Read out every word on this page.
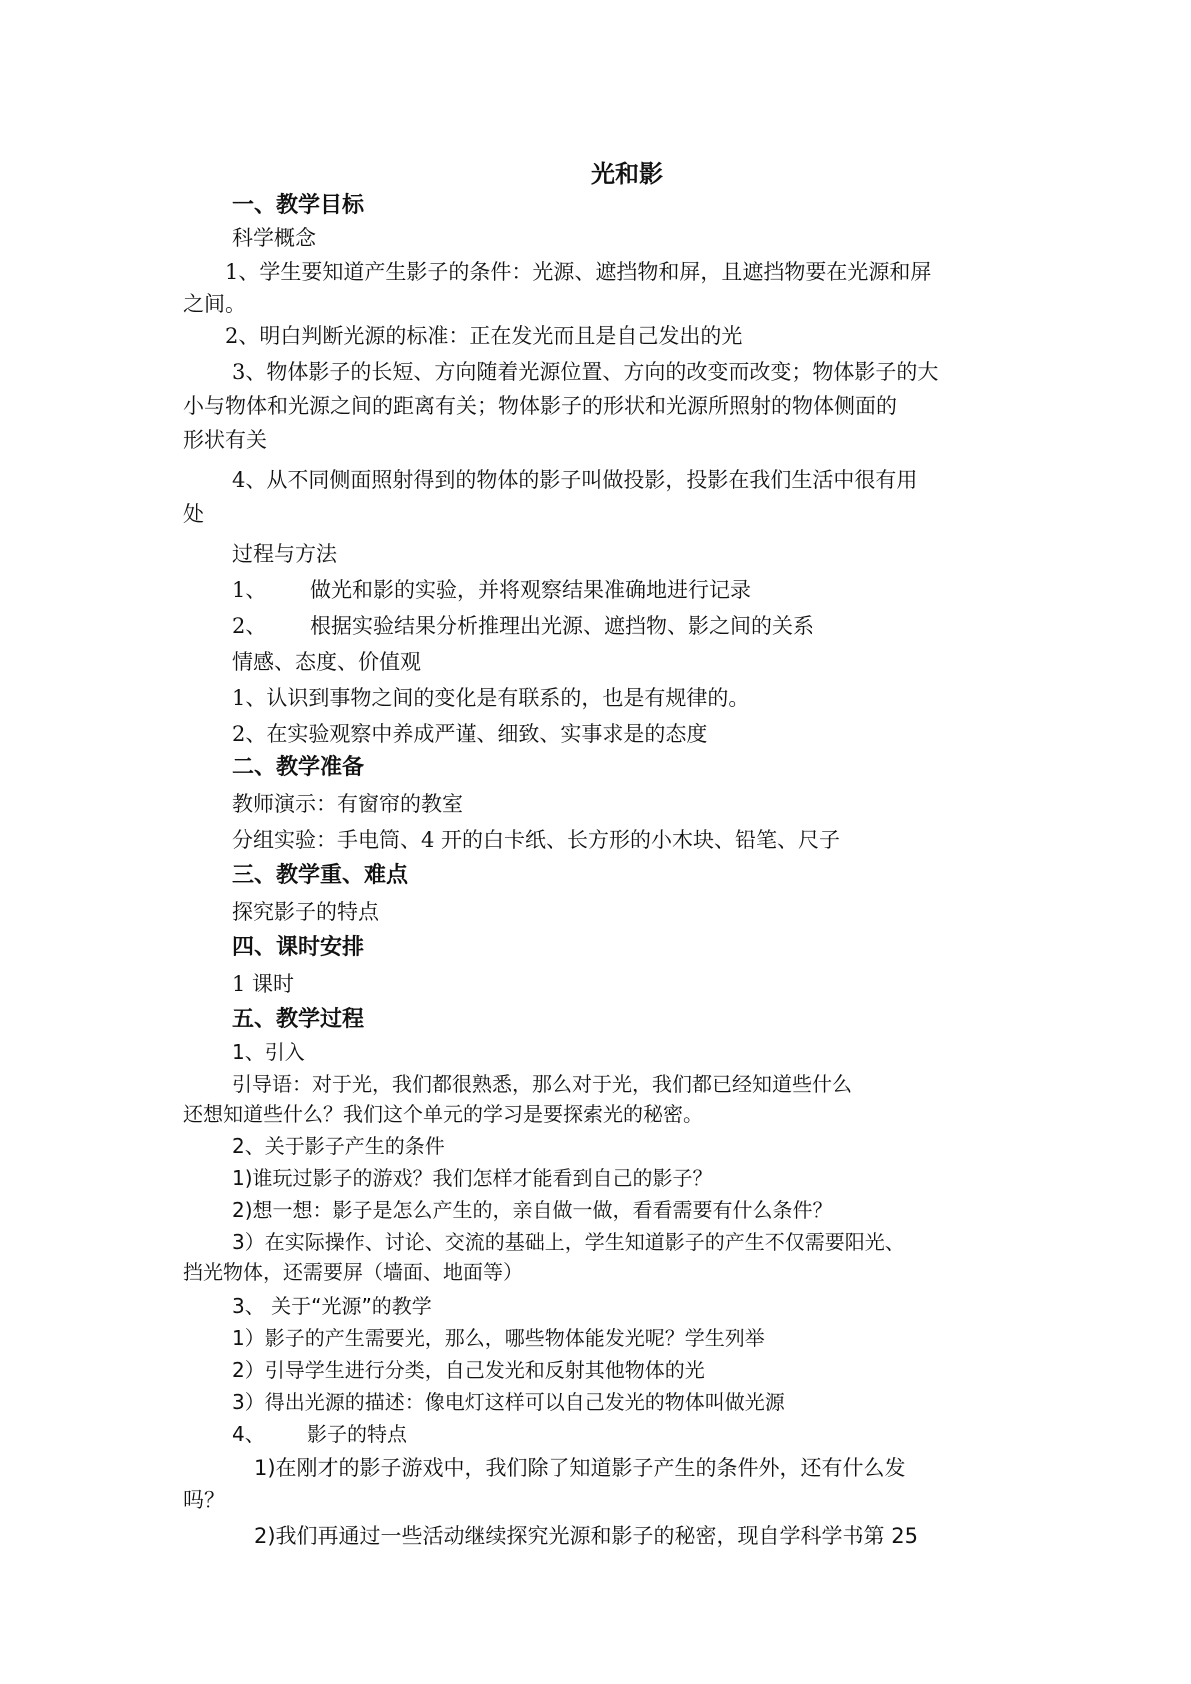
光和影
一、教学目标
科学概念
1、学生要知道产生影子的条件：光源、遮挡物和屏，且遮挡物要在光源和屏
之间。
2、明白判断光源的标准：正在发光而且是自己发出的光
3、物体影子的长短、方向随着光源位置、方向的改变而改变；物体影子的大
小与物体和光源之间的距离有关；物体影子的形状和光源所照射的物体侧面的
形状有关
4、从不同侧面照射得到的物体的影子叫做投影，投影在我们生活中很有用
处
过程与方法
1、 做光和影的实验，并将观察结果准确地进行记录
2、 根据实验结果分析推理出光源、遮挡物、影之间的关系
情感、态度、价值观
1、认识到事物之间的变化是有联系的，也是有规律的。
2、在实验观察中养成严谨、细致、实事求是的态度
二、教学准备
教师演示：有窗帘的教室
分组实验：手电筒、4 开的白卡纸、长方形的小木块、铅笔、尺子
三、教学重、难点
探究影子的特点
四、课时安排
1 课时
五、教学过程
1、引入
引导语：对于光，我们都很熟悉，那么对于光，我们都已经知道些什么
还想知道些什么？我们这个单元的学习是要探索光的秘密。
2、关于影子产生的条件
1)谁玩过影子的游戏？我们怎样才能看到自己的影子？
2)想一想：影子是怎么产生的，亲自做一做，看看需要有什么条件？
3）在实际操作、讨论、交流的基础上，学生知道影子的产生不仅需要阳光、
挡光物体，还需要屏（墙面、地面等）
3、 关于“光源”的教学
1）影子的产生需要光，那么，哪些物体能发光呢？学生列举
2）引导学生进行分类，自己发光和反射其他物体的光
3）得出光源的描述：像电灯这样可以自己发光的物体叫做光源
4、 影子的特点
1)在刚才的影子游戏中，我们除了知道影子产生的条件外，还有什么发
吗？
2)我们再通过一些活动继续探究光源和影子的秘密，现自学科学书第 25
